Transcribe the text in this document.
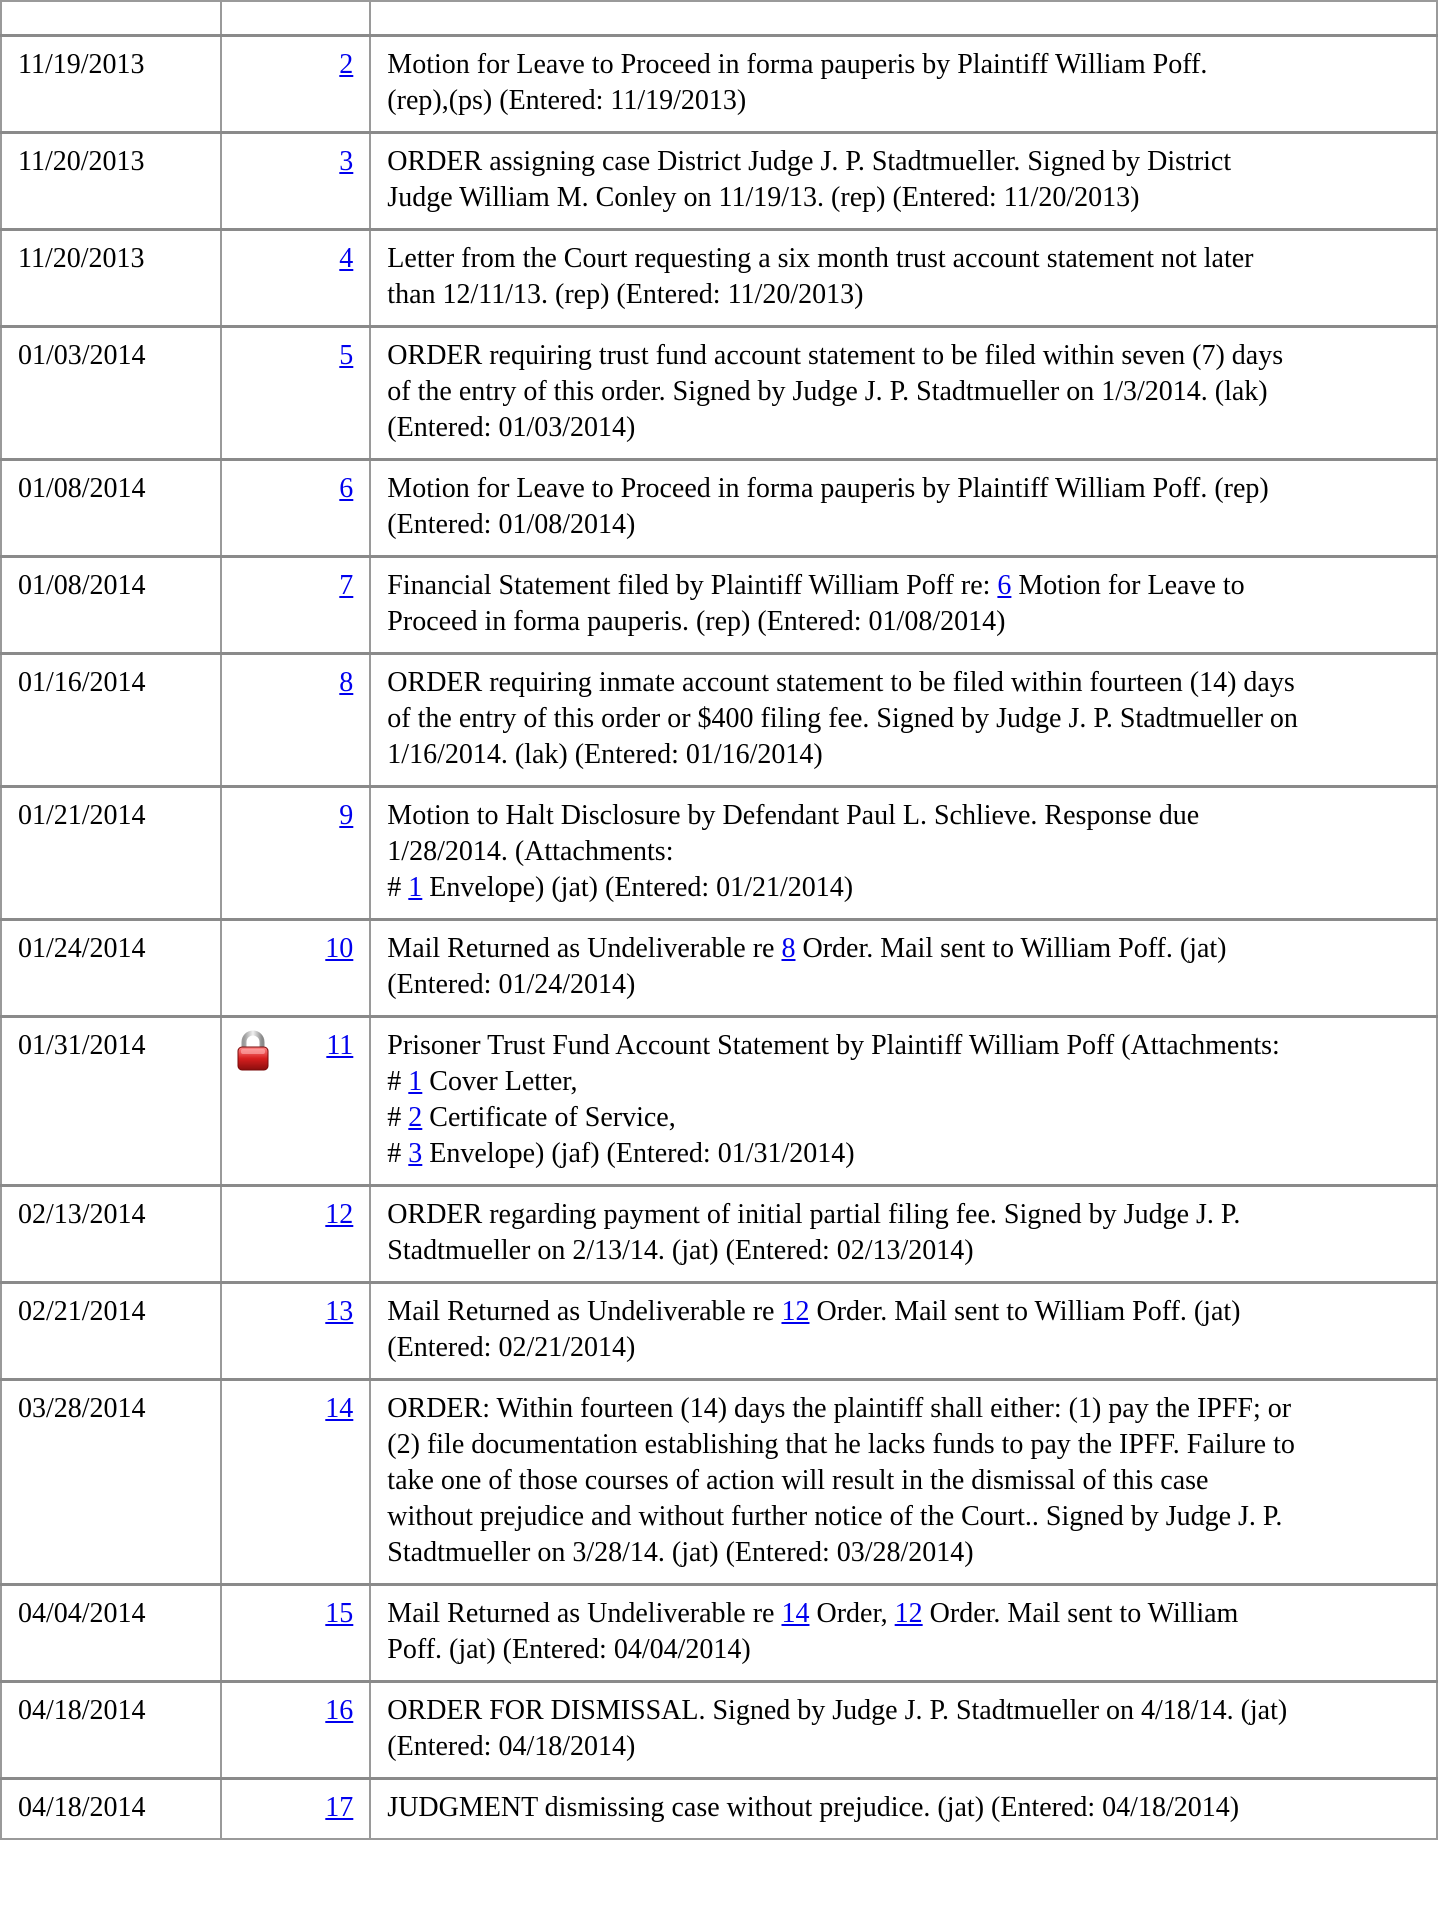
11/19/2013	2	Motion for Leave to Proceed in forma pauperis by Plaintiff William Poff.
(rep),(ps) (Entered: 11/19/2013)

11/20/2013	3	ORDER assigning case District Judge J. P. Stadtmueller. Signed by District
Judge William M. Conley on 11/19/13. (rep) (Entered: 11/20/2013)

11/20/2013	4	Letter from the Court requesting a six month trust account statement not later
than 12/11/13. (rep) (Entered: 11/20/2013)

01/03/2014	5	ORDER requiring trust fund account statement to be filed within seven (7) days
of the entry of this order. Signed by Judge J. P. Stadtmueller on 1/3/2014. (lak)
(Entered: 01/03/2014)

01/08/2014	6	Motion for Leave to Proceed in forma pauperis by Plaintiff William Poff. (rep)
(Entered: 01/08/2014)

01/08/2014	7	Financial Statement filed by Plaintiff William Poff re: 6 Motion for Leave to
Proceed in forma pauperis. (rep) (Entered: 01/08/2014)

01/16/2014	8	ORDER requiring inmate account statement to be filed within fourteen (14) days
of the entry of this order or $400 filing fee. Signed by Judge J. P. Stadtmueller on
1/16/2014. (lak) (Entered: 01/16/2014)

01/21/2014	9	Motion to Halt Disclosure by Defendant Paul L. Schlieve. Response due
1/28/2014. (Attachments:
# 1 Envelope) (jat) (Entered: 01/21/2014)

01/24/2014	10	Mail Returned as Undeliverable re 8 Order. Mail sent to William Poff. (jat)
(Entered: 01/24/2014)

01/31/2014	11	Prisoner Trust Fund Account Statement by Plaintiff William Poff (Attachments:
# 1 Cover Letter,
# 2 Certificate of Service,
# 3 Envelope) (jaf) (Entered: 01/31/2014)

02/13/2014	12	ORDER regarding payment of initial partial filing fee. Signed by Judge J. P.
Stadtmueller on 2/13/14. (jat) (Entered: 02/13/2014)

02/21/2014	13	Mail Returned as Undeliverable re 12 Order. Mail sent to William Poff. (jat)
(Entered: 02/21/2014)

03/28/2014	14	ORDER: Within fourteen (14) days the plaintiff shall either: (1) pay the IPFF; or
(2) file documentation establishing that he lacks funds to pay the IPFF. Failure to
take one of those courses of action will result in the dismissal of this case
without prejudice and without further notice of the Court.. Signed by Judge J. P.
Stadtmueller on 3/28/14. (jat) (Entered: 03/28/2014)

04/04/2014	15	Mail Returned as Undeliverable re 14 Order, 12 Order. Mail sent to William
Poff. (jat) (Entered: 04/04/2014)

04/18/2014	16	ORDER FOR DISMISSAL. Signed by Judge J. P. Stadtmueller on 4/18/14. (jat)
(Entered: 04/18/2014)

04/18/2014	17	JUDGMENT dismissing case without prejudice. (jat) (Entered: 04/18/2014)
